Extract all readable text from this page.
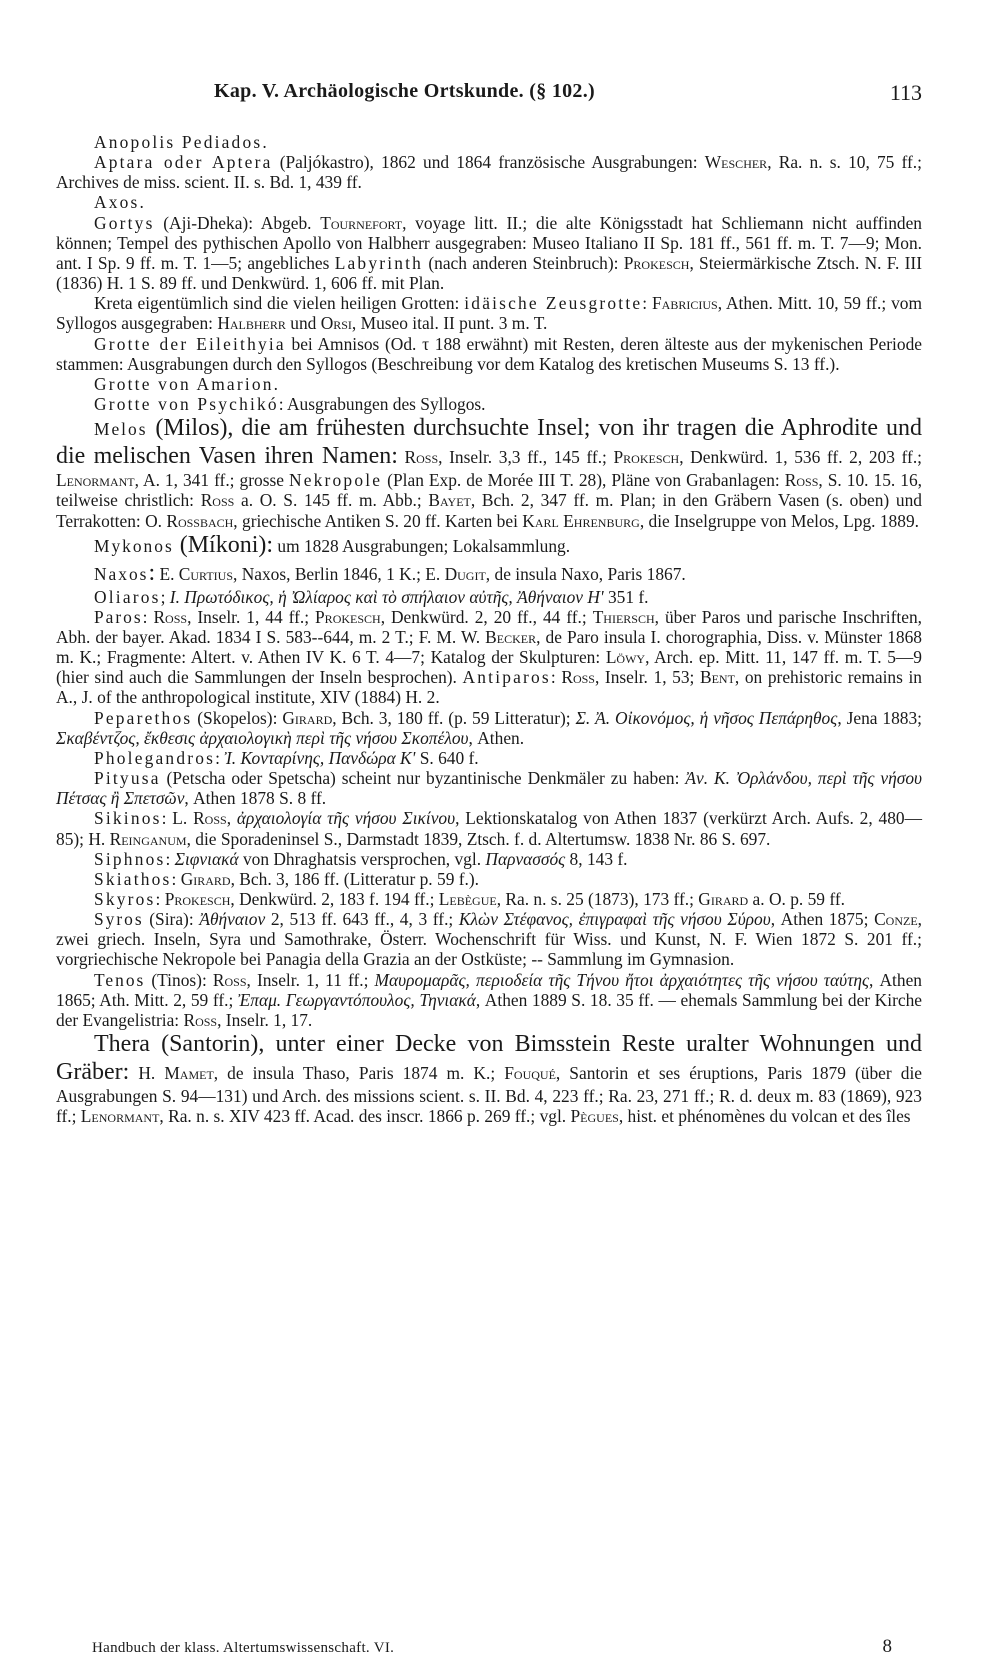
Kap. V. Archäologische Ortskunde. (§ 102.)	113

Anopolis Pediados.

Aptara oder Aptera (Paljókastro), 1862 und 1864 französische Ausgrabungen: Wescher, Ra. n. s. 10, 75 ff.; Archives de miss. scient. II. s. Bd. 1, 439 ff.

Axos.

Gortys (Aji-Dheka): Abgeb. Tournefort, voyage litt. II.; die alte Königsstadt hat Schliemann nicht auffinden können; Tempel des pythischen Apollo von Halbherr ausgegraben: Museo Italiano II Sp. 181 ff., 561 ff. m. T. 7—9; Mon. ant. I Sp. 9 ff. m. T. 1—5; angebliches Labyrinth (nach anderen Steinbruch): Prokesch, Steiermärkische Ztsch. N. F. III (1836) H. 1 S. 89 ff. und Denkwürd. 1, 606 ff. mit Plan.

Kreta eigentümlich sind die vielen heiligen Grotten: idäische Zeusgrotte: Fabricius, Athen. Mitt. 10, 59 ff.; vom Syllogos ausgegraben: Halbherr und Orsi, Museo ital. II punt. 3 m. T.

Grotte der Eileithyia bei Amnisos (Od. τ 188 erwähnt) mit Resten, deren älteste aus der mykenischen Periode stammen: Ausgrabungen durch den Syllogos (Beschreibung vor dem Katalog des kretischen Museums S. 13 ff.).

Grotte von Amarion.

Grotte von Psychikó: Ausgrabungen des Syllogos.

Melos (Milos), die am frühesten durchsuchte Insel; von ihr tragen die Aphrodite und die melischen Vasen ihren Namen: Ross, Inselr. 3,3 ff., 145 ff.; Prokesch, Denkwürd. 1, 536 ff. 2, 203 ff.; Lenormant, A. 1, 341 ff.; grosse Nekropole (Plan Exp. de Morée III T. 28), Pläne von Grabanlagen: Ross, S. 10. 15. 16, teilweise christlich: Ross a. O. S. 145 ff. m. Abb.; Bayet, Bch. 2, 347 ff. m. Plan; in den Gräbern Vasen (s. oben) und Terrakotten: O. Rossbach, griechische Antiken S. 20 ff. Karten bei Karl Ehrenburg, die Inselgruppe von Melos, Lpg. 1889.

Mykonos (Míkoni): um 1828 Ausgrabungen; Lokalsammlung.

Naxos: E. Curtius, Naxos, Berlin 1846, 1 K.; E. Dugit, de insula Naxo, Paris 1867.

Oliaros; I. Πρωτόδικος, ἡ Ὠλίαρος καὶ τὸ σπήλαιον αὐτῆς, Ἀθήναιον Η' 351 f.

Paros: Ross, Inselr. 1, 44 ff.; Prokesch, Denkwürd. 2, 20 ff., 44 ff.; Thiersch, über Paros und parische Inschriften, Abh. der bayer. Akad. 1834 I S. 583--644, m. 2 T.; F. M. W. Becker, de Paro insula I. chorographia, Diss. v. Münster 1868 m. K.; Fragmente: Altert. v. Athen IV K. 6 T. 4—7; Katalog der Skulpturen: Löwy, Arch. ep. Mitt. 11, 147 ff. m. T. 5—9 (hier sind auch die Sammlungen der Inseln besprochen). Antiparos: Ross, Inselr. 1, 53; Bent, on prehistoric remains in A., J. of the anthropological institute, XIV (1884) H. 2.

Peparethos (Skopelos): Girard, Bch. 3, 180 ff. (p. 59 Litteratur); Σ. Ἀ. Οἰκονόμος, ἡ νῆσος Πεπάρηθος, Jena 1883; Σκαβέντζος, ἔκθεσις ἀρχαιολογικὴ περὶ τῆς νήσου Σκοπέλου, Athen.

Pholegandros: Ἰ. Κονταρίνης, Πανδώρα Κ' S. 640 f.

Pityusa (Petscha oder Spetscha) scheint nur byzantinische Denkmäler zu haben: Ἀν. Κ. Ὀρλάνδου, περὶ τῆς νήσου Πέτσας ἢ Σπετσῶν, Athen 1878 S. 8 ff.

Sikinos: L. Ross, ἀρχαιολογία τῆς νήσου Σικίνου, Lektionskatalog von Athen 1837 (verkürzt Arch. Aufs. 2, 480—85); H. Reinganum, die Sporadeninsel S., Darmstadt 1839, Ztsch. f. d. Altertumsw. 1838 Nr. 86 S. 697.

Siphnos: Σιφνιακά von Dhraghatsis versprochen, vgl. Παρνασσός 8, 143 f.

Skiathos: Girard, Bch. 3, 186 ff. (Litteratur p. 59 f.).

Skyros: Prokesch, Denkwürd. 2, 183 f. 194 ff.; Lebègue, Ra. n. s. 25 (1873), 173 ff.; Girard a. O. p. 59 ff.

Syros (Sira): Ἀθήναιον 2, 513 ff. 643 ff., 4, 3 ff.; Κλὼν Στέφανος, ἐπιγραφαὶ τῆς νήσου Σύρου, Athen 1875; Conze, zwei griech. Inseln, Syra und Samothrake, Österr. Wochenschrift für Wiss. und Kunst, N. F. Wien 1872 S. 201 ff.; vorgriechische Nekropole bei Panagia della Grazia an der Ostküste; -- Sammlung im Gymnasion.

Tenos (Tinos): Ross, Inselr. 1, 11 ff.; Μαυρομαρᾶς, περιοδεία τῆς Τήνου ἤτοι ἀρχαιότητες τῆς νήσου ταύτης, Athen 1865; Ath. Mitt. 2, 59 ff.; Ἐπαμ. Γεωργαντόπουλος, Τηνιακά, Athen 1889 S. 18. 35 ff. — ehemals Sammlung bei der Kirche der Evangelistria: Ross, Inselr. 1, 17.

Thera (Santorin), unter einer Decke von Bimsstein Reste uralter Wohnungen und Gräber: H. Mamet, de insula Thaso, Paris 1874 m. K.; Fouqué, Santorin et ses éruptions, Paris 1879 (über die Ausgrabungen S. 94—131) und Arch. des missions scient. s. II. Bd. 4, 223 ff.; Ra. 23, 271 ff.; R. d. deux m. 83 (1869), 923 ff.; Lenormant, Ra. n. s. XIV 423 ff. Acad. des inscr. 1866 p. 269 ff.; vgl. Pègues, hist. et phénomènes du volcan et des îles

Handbuch der klass. Altertumswissenschaft. VI.	8
